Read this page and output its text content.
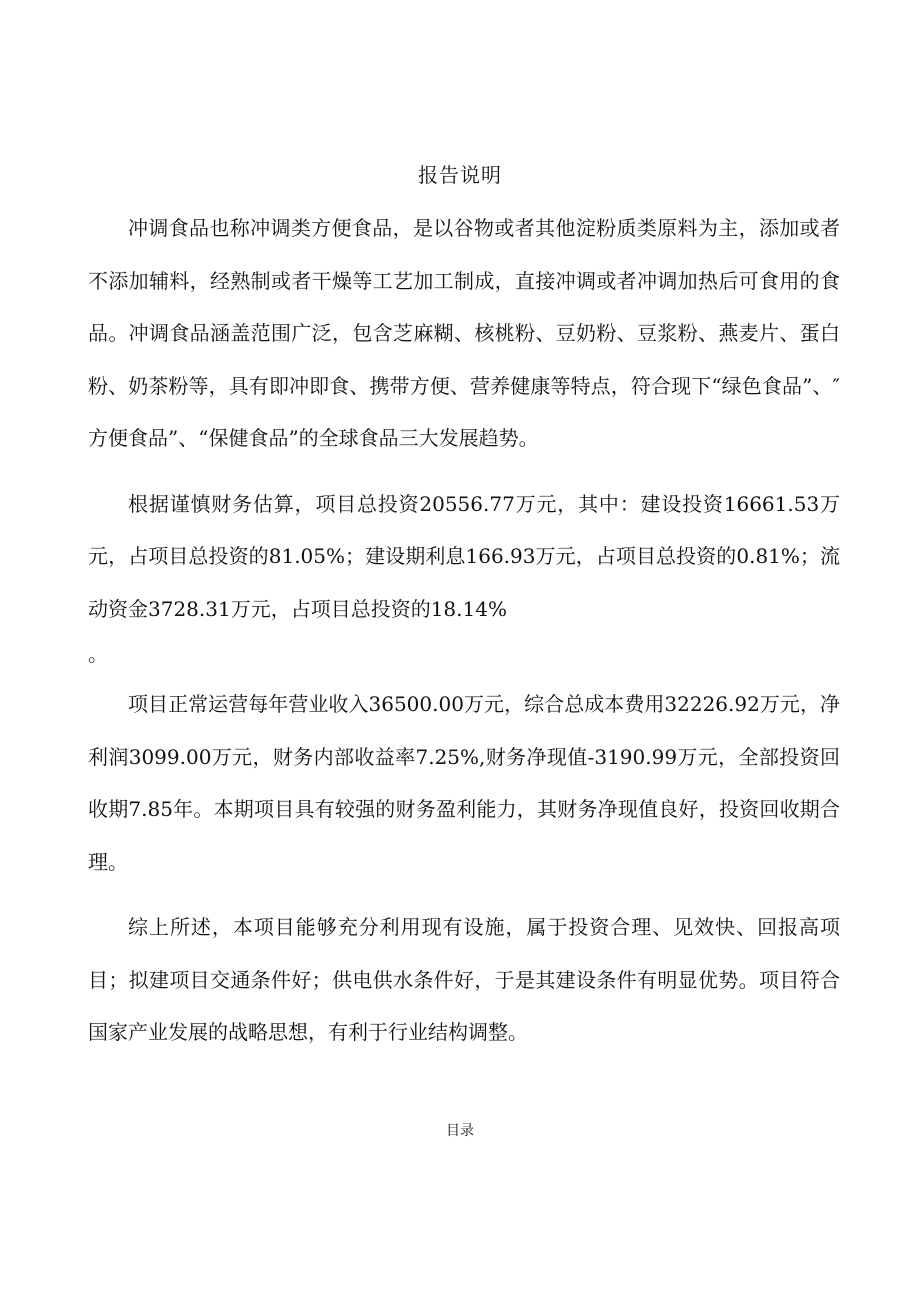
报告说明

冲调食品也称冲调类方便食品，是以谷物或者其他淀粉质类原料为主，添加或者不添加辅料，经熟制或者干燥等工艺加工制成，直接冲调或者冲调加热后可食用的食品。冲调食品涵盖范围广泛，包含芝麻糊、核桃粉、豆奶粉、豆浆粉、燕麦片、蛋白粉、奶茶粉等，具有即冲即食、携带方便、营养健康等特点，符合现下“绿色食品”、″方便食品”、“保健食品”的全球食品三大发展趋势。

根据谨慎财务估算，项目总投资20556.77万元，其中：建设投资16661.53万元，占项目总投资的81.05%；建设期利息166.93万元，占项目总投资的0.81%；流动资金3728.31万元，占项目总投资的18.14%

。

项目正常运营每年营业收入36500.00万元，综合总成本费用32226.92万元，净利润3099.00万元，财务内部收益率7.25%,财务净现值-3190.99万元，全部投资回收期7.85年。本期项目具有较强的财务盈利能力，其财务净现值良好，投资回收期合理。

综上所述，本项目能够充分利用现有设施，属于投资合理、见效快、回报高项目；拟建项目交通条件好；供电供水条件好，于是其建设条件有明显优势。项目符合国家产业发展的战略思想，有利于行业结构调整。

目录
